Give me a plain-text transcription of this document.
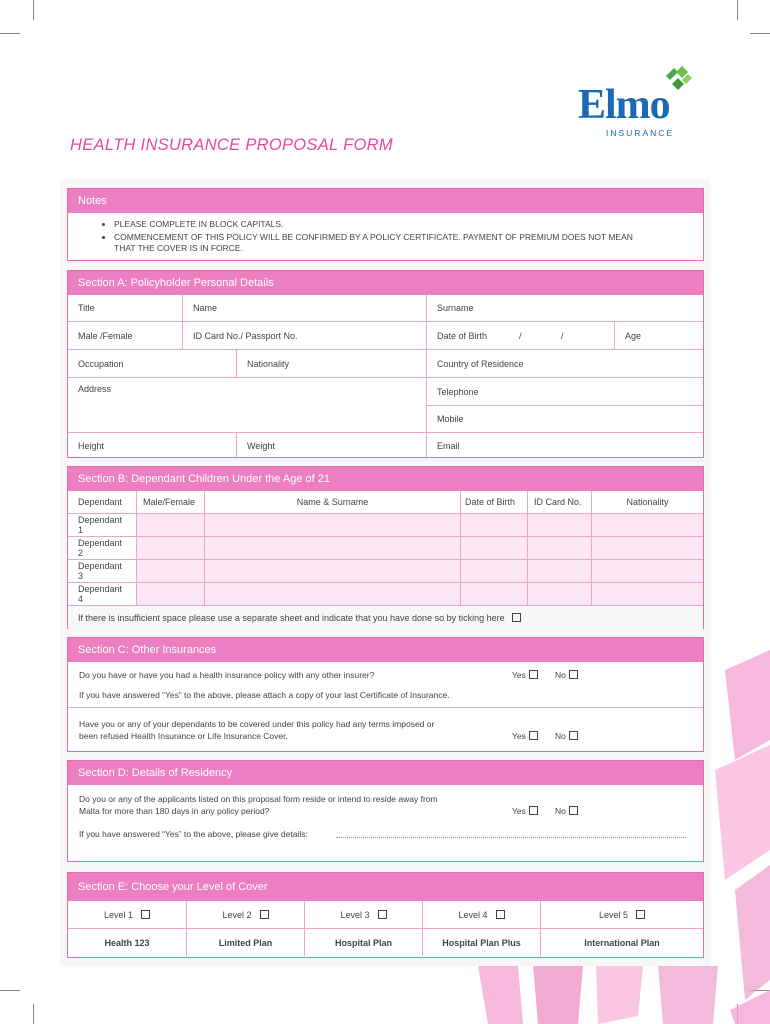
Elmo
INSURANCE
HEALTH INSURANCE PROPOSAL FORM
Notes
• PLEASE COMPLETE IN BLOCK CAPITALS.
• COMMENCEMENT OF THIS POLICY WILL BE CONFIRMED BY A POLICY CERTIFICATE. PAYMENT OF PREMIUM DOES NOT MEAN THAT THE COVER IS IN FORCE.
Section A: Policyholder Personal Details
Title	Name	Surname
Male /Female	ID Card No./ Passport No.	Date of Birth	/	/	Age
Occupation	Nationality	Country of Residence
Address	Telephone
Mobile
Height	Weight	Email
Section B: Dependant Children Under the Age of 21
Dependant	Male/Female	Name & Surname	Date of Birth	ID Card No.	Nationality
Dependant 1
Dependant 2
Dependant 3
Dependant 4
If there is insufficient space please use a separate sheet and indicate that you have done so by ticking here
Section C: Other Insurances
Do you have or have you had a health insurance policy with any other insurer?	Yes	No
If you have answered “Yes” to the above, please attach a copy of your last Certificate of Insurance.
Have you or any of your dependants to be covered under this policy had any terms imposed or
been refused Health Insurance or Life Insurance Cover.	Yes	No
Section D: Details of Residency
Do you or any of the applicants listed on this proposal form reside or intend to reside away from
Malta for more than 180 days in any policy period?	Yes	No
If you have answered “Yes” to the above, please give details:
Section E: Choose your Level of Cover
Level 1	Level 2	Level 3	Level 4	Level 5
Health 123	Limited Plan	Hospital Plan	Hospital Plan Plus	International Plan
